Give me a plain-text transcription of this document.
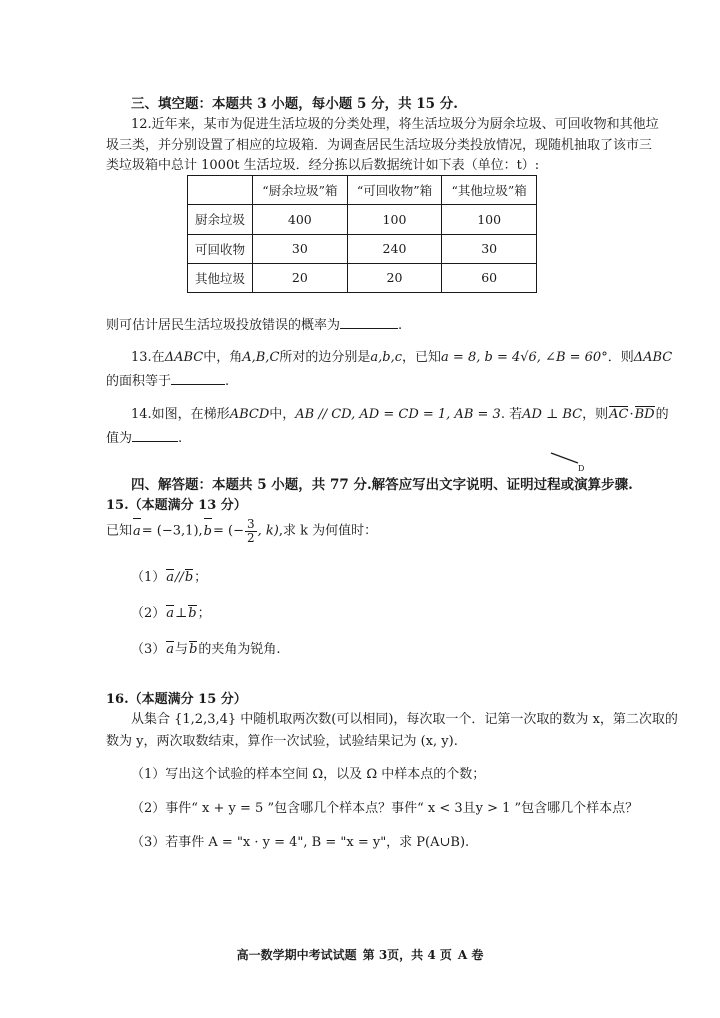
三、填空题：本题共 3 小题，每小题 5 分，共 15 分.
12.近年来，某市为促进生活垃圾的分类处理，将生活垃圾分为厨余垃圾、可回收物和其他垃
圾三类，并分别设置了相应的垃圾箱．为调查居民生活垃圾分类投放情况，现随机抽取了该市三
类垃圾箱中总计 1000t 生活垃圾．经分拣以后数据统计如下表（单位：t）:
	“厨余垃圾”箱	“可回收物”箱	“其他垃圾”箱
厨余垃圾	400	100	100
可回收物	30	240	30
其他垃圾	20	20	60
则可估计居民生活垃圾投放错误的概率为	.
13.在ΔABC中，角A,B,C所对的边分别是a,b,c，已知a = 8, b = 4√6, ∠B = 60°．则ΔABC
的面积等于	.
14.如图，在梯形ABCD中，AB // CD, AD = CD = 1, AB = 3. 若AD ⊥ BC，则AC·BD的
值为	.
D
四、解答题：本题共 5 小题，共 77 分.解答应写出文字说明、证明过程或演算步骤.
15.（本题满分 13 分）
已知a= (−3,1),b= (− $\frac{3}{2}$ , k),求 k 为何值时：
（1）a//b；
（2）a⊥b；
（3）a与b的夹角为锐角.
16.（本题满分 15 分）
从集合 {1,2,3,4} 中随机取两次数(可以相同)，每次取一个．记第一次取的数为 x，第二次取的
数为 y，两次取数结束，算作一次试验，试验结果记为 (x, y).
（1）写出这个试验的样本空间 Ω，以及 Ω 中样本点的个数；
（2）事件“ x + y = 5 ”包含哪几个样本点？事件“ x < 3且y > 1 ”包含哪几个样本点？
（3）若事件 A = "x · y = 4", B = "x = y"，求 P(A∪B).
高一数学期中考试试题 第 3页，共 4 页 A 卷
